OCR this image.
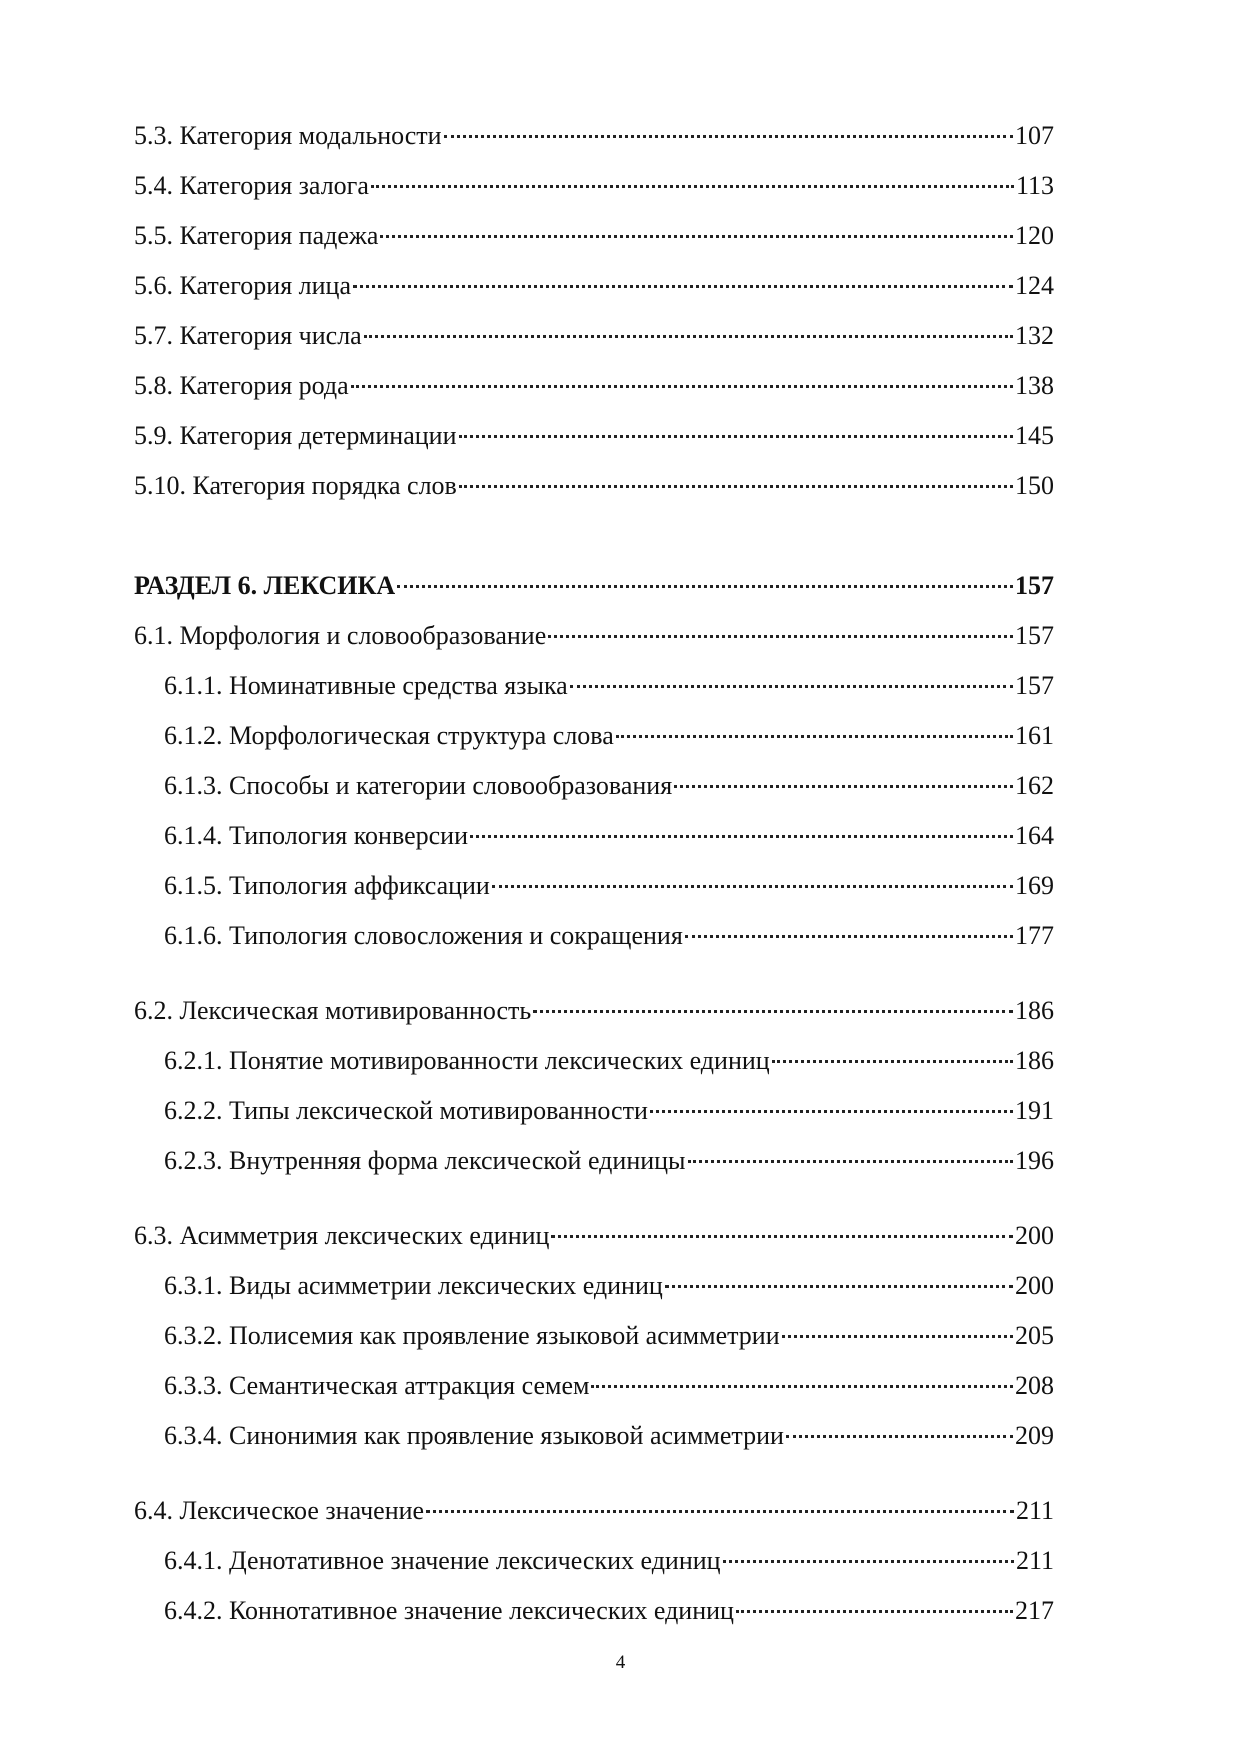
5.3. Категория модальности	107
5.4. Категория залога	113
5.5. Категория падежа	120
5.6. Категория лица	124
5.7. Категория числа	132
5.8. Категория рода	138
5.9. Категория детерминации	145
5.10. Категория порядка слов	150
РАЗДЕЛ 6. ЛЕКСИКА	157
6.1. Морфология и словообразование	157
6.1.1. Номинативные средства языка	157
6.1.2. Морфологическая структура слова	161
6.1.3. Способы и категории словообразования	162
6.1.4. Типология конверсии	164
6.1.5. Типология аффиксации	169
6.1.6. Типология словосложения и сокращения	177
6.2. Лексическая мотивированность	186
6.2.1. Понятие мотивированности лексических единиц	186
6.2.2. Типы лексической мотивированности	191
6.2.3. Внутренняя форма лексической единицы	196
6.3. Асимметрия лексических единиц	200
6.3.1. Виды асимметрии лексических единиц	200
6.3.2. Полисемия как проявление языковой асимметрии	205
6.3.3. Семантическая аттракция семем	208
6.3.4. Синонимия как проявление языковой асимметрии	209
6.4. Лексическое значение	211
6.4.1. Денотативное значение лексических единиц	211
6.4.2. Коннотативное значение лексических единиц	217
4
